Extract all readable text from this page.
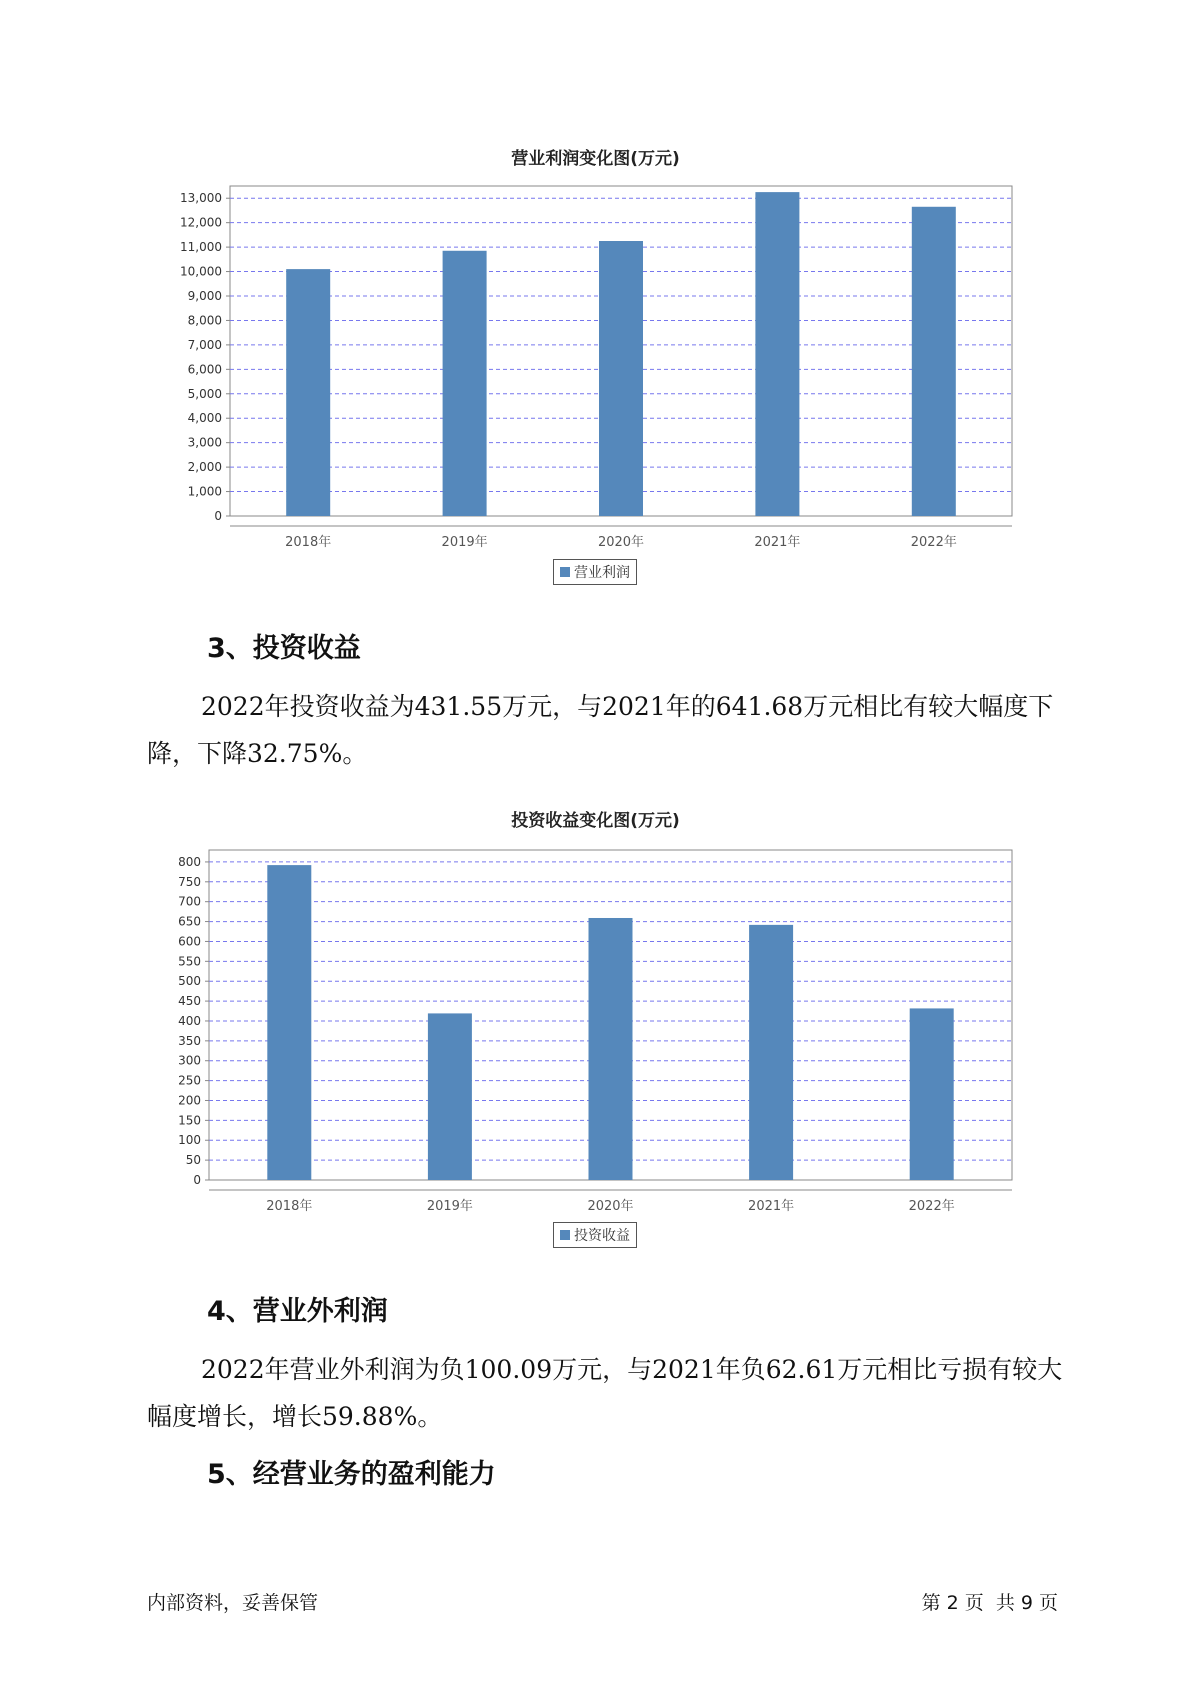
营业利润变化图(万元)
0
1,000
2,000
3,000
4,000
5,000
6,000
7,000
8,000
9,000
10,000
11,000
12,000
13,000
2018年	2019年	2020年	2021年	2022年
营业利润
3、投资收益

2022年投资收益为431.55万元，与2021年的641.68万元相比有较大幅度下降，下降32.75%。

投资收益变化图(万元)
0
50
100
150
200
250
300
350
400
450
500
550
600
650
700
750
800
2018年	2019年	2020年	2021年	2022年
投资收益
4、营业外利润

2022年营业外利润为负100.09万元，与2021年负62.61万元相比亏损有较大幅度增长，增长59.88%。

5、经营业务的盈利能力
内部资料，妥善保管	第 2 页  共 9 页
